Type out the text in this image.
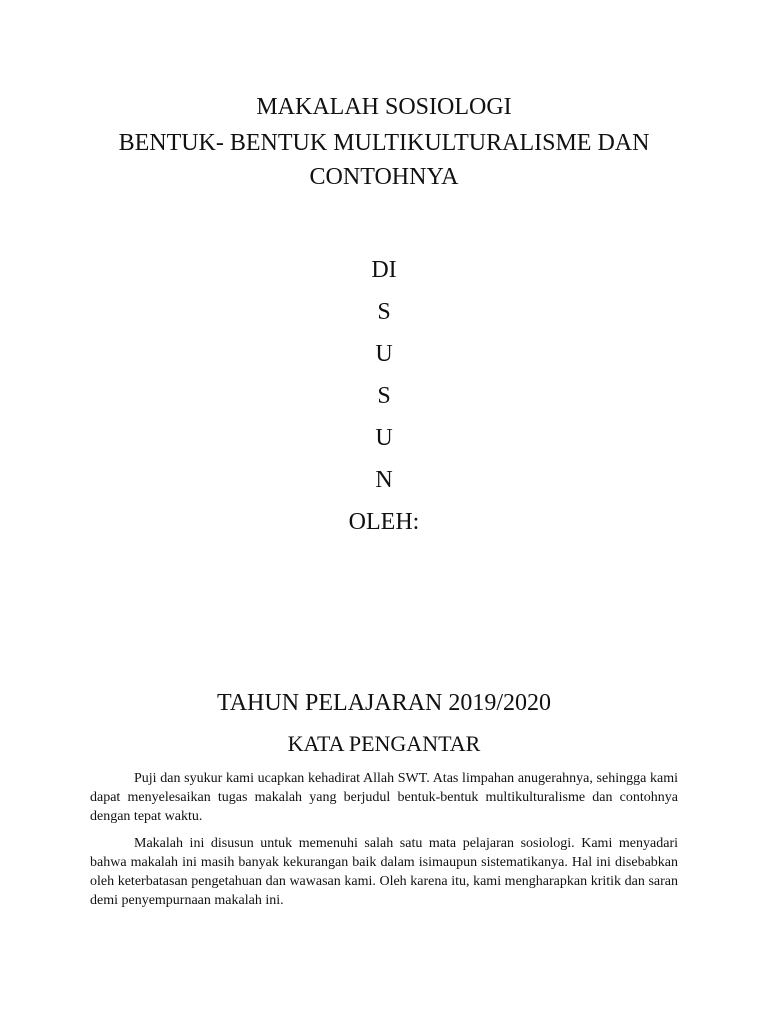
MAKALAH SOSIOLOGI
BENTUK- BENTUK MULTIKULTURALISME DAN
CONTOHNYA
DI
S
U
S
U
N
OLEH:
TAHUN PELAJARAN 2019/2020
KATA PENGANTAR

Puji dan syukur kami ucapkan kehadirat Allah SWT. Atas limpahan anugerahnya, sehingga kami dapat menyelesaikan tugas makalah yang berjudul bentuk-bentuk multikulturalisme dan contohnya dengan tepat waktu.

Makalah ini disusun untuk memenuhi salah satu mata pelajaran sosiologi. Kami menyadari bahwa makalah ini masih banyak kekurangan baik dalam isimaupun sistematikanya. Hal ini disebabkan oleh keterbatasan pengetahuan dan wawasan kami. Oleh karena itu, kami mengharapkan kritik dan saran demi penyempurnaan makalah ini.
